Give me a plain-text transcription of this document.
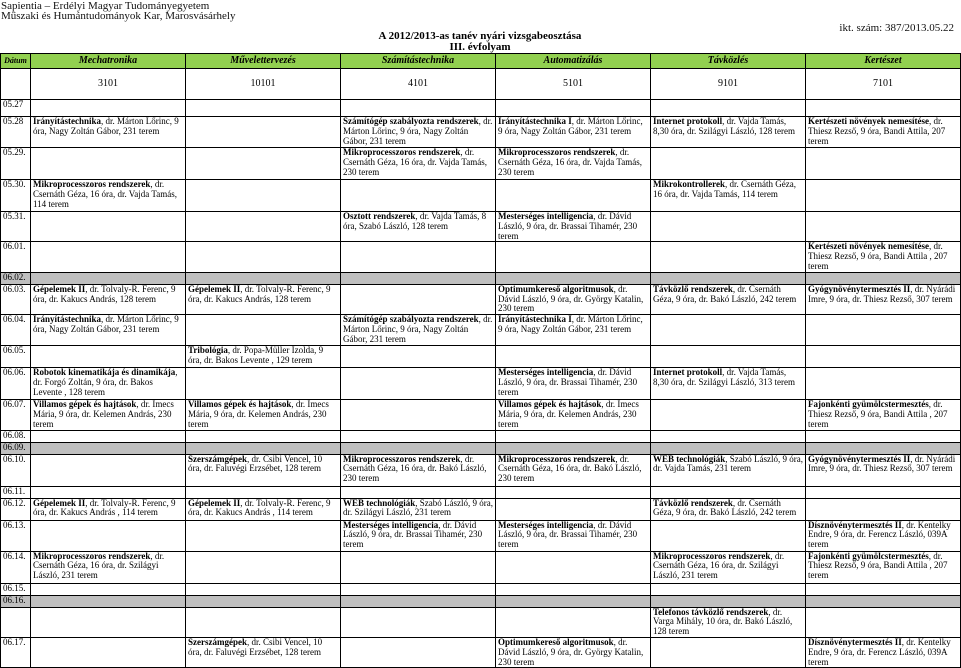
Sapientia – Erdélyi Magyar Tudományegyetem
Műszaki és Humántudományok Kar, Marosvásárhely
A 2012/2013-as tanév nyári vizsgabeosztása
III. évfolyam
ikt. szám: 387/2013.05.22
Dátum	Mechatronika	Művelettervezés	Számítástechnika	Automatizálás	Távközlés	Kertészet
	3101	10101	4101	5101	9101	7101
05.27						
05.28	Irányítástechnika, dr. Márton Lőrinc, 9 óra, Nagy Zoltán Gábor, 231 terem		Számítógép szabályozta rendszerek, dr. Márton Lőrinc, 9 óra, Nagy Zoltán Gábor, 231 terem	Irányítástechnika I, dr. Márton Lőrinc, 9 óra, Nagy Zoltán Gábor, 231 terem	Internet protokoll, dr. Vajda Tamás, 8,30 óra, dr. Szilágyi László, 128 terem	Kertészeti növények nemesítése, dr. Thiesz Rezső, 9 óra, Bandi Attila, 207 terem
05.29.			Mikroprocesszoros rendszerek, dr. Csernáth Géza, 16 óra, dr. Vajda Tamás, 230 terem	Mikroprocesszoros rendszerek, dr. Csernáth Géza, 16 óra, dr. Vajda Tamás, 230 terem		
05.30.	Mikroprocesszoros rendszerek, dr. Csernáth Géza, 16 óra, dr. Vajda Tamás, 114 terem				Mikrokontrollerek, dr. Csernáth Géza, 16 óra, dr. Vajda Tamás, 114 terem	
05.31.			Osztott rendszerek, dr. Vajda Tamás, 8 óra, Szabó László, 128 terem	Mesterséges intelligencia, dr. Dávid László, 9 óra, dr. Brassai Tihamér, 230 terem		
06.01.						Kertészeti növények nemesítése, dr. Thiesz Rezső, 9 óra, Bandi Attila , 207 terem
06.02.						
06.03.	Gépelemek II, dr. Tolvaly-R. Ferenc, 9 óra, dr. Kakucs András, 128 terem	Gépelemek II, dr. Tolvaly-R. Ferenc, 9 óra, dr. Kakucs András, 128 terem		Optimumkereső algoritmusok, dr. Dávid László, 9 óra, dr. György Katalin, 230 terem	Távközlő rendszerek, dr. Csernáth Géza, 9 óra, dr. Bakó László, 242 terem	Gyógynövénytermesztés II, dr. Nyárádi Imre, 9 óra, dr. Thiesz Rezső, 307 terem
06.04.	Irányítástechnika, dr. Márton Lőrinc, 9 óra, Nagy Zoltán Gábor, 231 terem		Számítógép szabályozta rendszerek, dr. Márton Lőrinc, 9 óra, Nagy Zoltán Gábor, 231 terem	Irányítástechnika I, dr. Márton Lőrinc, 9 óra, Nagy Zoltán Gábor, 231 terem		
06.05.		Tribológia, dr. Popa-Müller Izolda, 9 óra, dr. Bakos Levente , 129 terem				
06.06.	Robotok kinematikája és dinamikája, dr. Forgó Zoltán, 9 óra, dr. Bakos Levente , 128 terem			Mesterséges intelligencia, dr. Dávid László, 9 óra, dr. Brassai Tihamér, 230 terem	Internet protokoll, dr. Vajda Tamás, 8,30 óra, dr. Szilágyi László, 313 terem	
06.07.	Villamos gépek és hajtások, dr. Imecs Mária, 9 óra, dr. Kelemen András, 230 terem	Villamos gépek és hajtások, dr. Imecs Mária, 9 óra, dr. Kelemen András, 230 terem		Villamos gépek és hajtások, dr. Imecs Mária, 9 óra, dr. Kelemen András, 230 terem		Fajonkénti gyümölcstermesztés, dr. Thiesz Rezső, 9 óra, Bandi Attila , 207 terem
06.08.						
06.09.						
06.10.		Szerszámgépek, dr. Csibi Vencel, 10 óra, dr. Faluvégi Erzsébet, 128 terem	Mikroprocesszoros rendszerek, dr. Csernáth Géza, 16 óra, dr. Bakó László, 230 terem	Mikroprocesszoros rendszerek, dr. Csernáth Géza, 16 óra, dr. Bakó László, 230 terem	WEB technológiák, Szabó László, 9 óra, dr. Vajda Tamás, 231 terem	Gyógynövénytermesztés II, dr. Nyárádi Imre, 9 óra, dr. Thiesz Rezső, 307 terem
06.11.						
06.12.	Gépelemek II, dr. Tolvaly-R. Ferenc, 9 óra, dr. Kakucs András , 114 terem	Gépelemek II, dr. Tolvaly-R. Ferenc, 9 óra, dr. Kakucs András , 114 terem	WEB technológiák, Szabó László, 9 óra, dr. Szilágyi László, 231 terem		Távközlő rendszerek, dr. Csernáth Géza, 9 óra, dr. Bakó László, 242 terem	
06.13.			Mesterséges intelligencia, dr. Dávid László, 9 óra, dr. Brassai Tihamér, 230 terem	Mesterséges intelligencia, dr. Dávid László, 9 óra, dr. Brassai Tihamér, 230 terem		Dísznövénytermesztés II, dr. Kentelky Endre, 9 óra, dr. Ferencz László, 039A terem
06.14.	Mikroprocesszoros rendszerek, dr. Csernáth Géza, 16 óra, dr. Szilágyi László, 231 terem				Mikroprocesszoros rendszerek, dr. Csernáth Géza, 16 óra, dr. Szilágyi László, 231 terem	Fajonkénti gyümölcstermesztés, dr. Thiesz Rezső, 9 óra, Bandi Attila , 207 terem
06.15.						
06.16.						
					Telefonos távközlő rendszerek, dr. Varga Mihály, 10 óra, dr. Bakó László, 128 terem	
06.17.		Szerszámgépek, dr. Csibi Vencel, 10 óra, dr. Faluvégi Erzsébet, 128 terem		Optimumkereső algoritmusok, dr. Dávid László, 9 óra, dr. György Katalin, 230 terem		Dísznövénytermesztés II, dr. Kentelky Endre, 9 óra, dr. Ferencz László, 039A terem
